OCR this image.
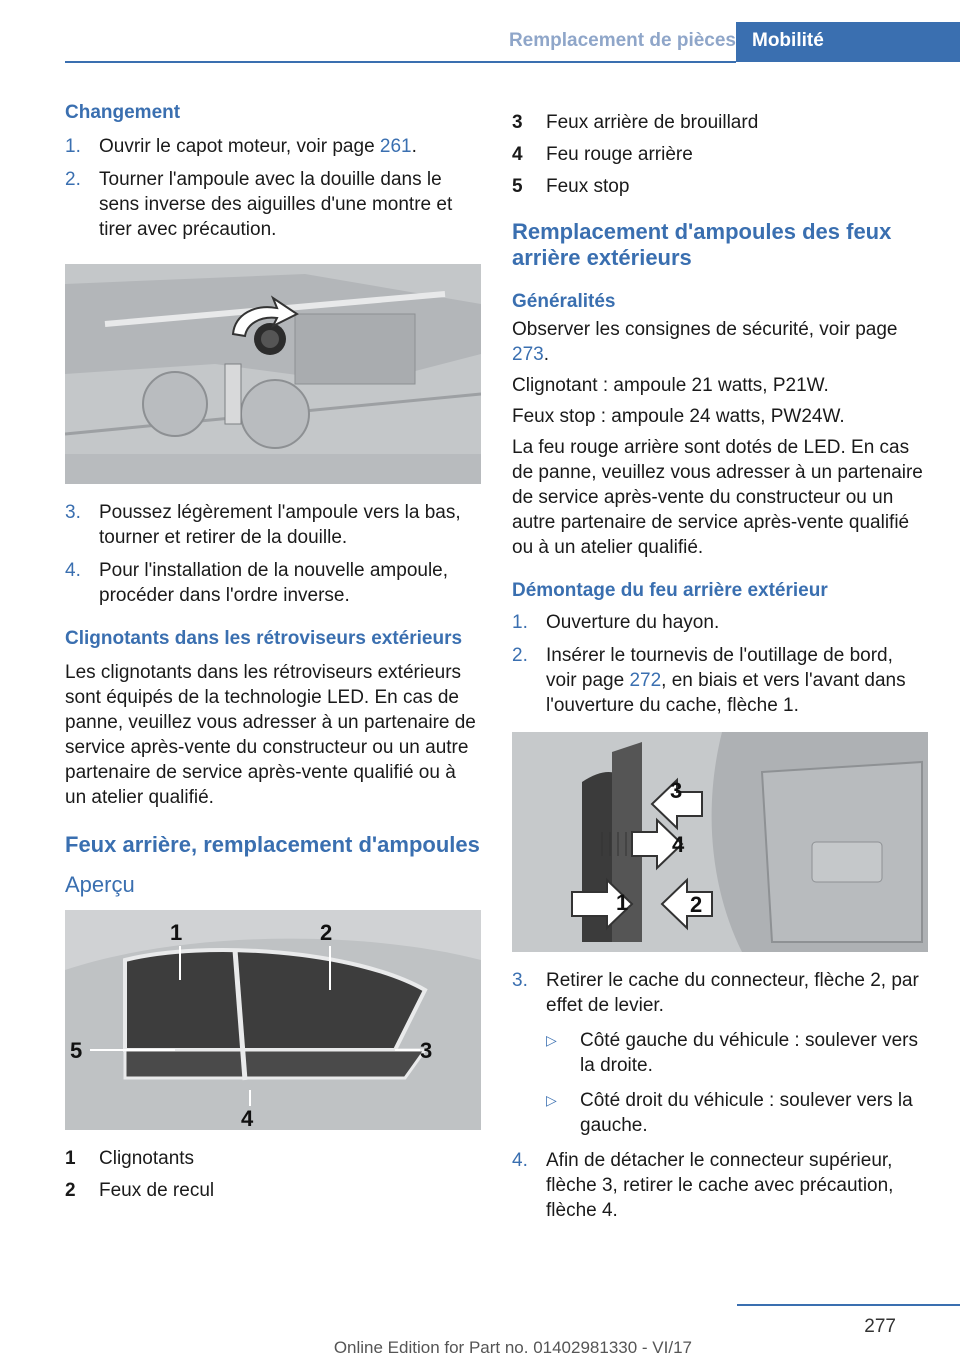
Remplacement de pièces Mobilité
Changement
1. Ouvrir le capot moteur, voir page 261.
2. Tourner l'ampoule avec la douille dans le sens inverse des aiguilles d'une montre et tirer avec précaution.
3. Poussez légèrement l'ampoule vers la bas, tourner et retirer de la douille.
4. Pour l'installation de la nouvelle ampoule, procéder dans l'ordre inverse.
Clignotants dans les rétroviseurs extérieurs

Les clignotants dans les rétroviseurs extérieurs sont équipés de la technologie LED. En cas de panne, veuillez vous adresser à un partenaire de service après-vente du constructeur ou un autre partenaire de service après-vente qualifié ou à un atelier qualifié.

Feux arrière, remplacement d'ampoules
Aperçu
1	2
3
4
5
1 Clignotants
2 Feux de recul
3 Feux arrière de brouillard
4 Feu rouge arrière
5 Feux stop
Remplacement d'ampoules des feux arrière extérieurs
Généralités

Observer les consignes de sécurité, voir page 273.

Clignotant : ampoule 21 watts, P21W.

Feux stop : ampoule 24 watts, PW24W.

La feu rouge arrière sont dotés de LED. En cas de panne, veuillez vous adresser à un partenaire de service après-vente du constructeur ou un autre partenaire de service après-vente qualifié ou à un atelier qualifié.

Démontage du feu arrière extérieur
1. Ouverture du hayon.
2. Insérer le tournevis de l'outillage de bord, voir page 272, en biais et vers l'avant dans l'ouverture du cache, flèche 1.
3
4
1	2
3. Retirer le cache du connecteur, flèche 2, par effet de levier.
▷ Côté gauche du véhicule : soulever vers la droite.
▷ Côté droit du véhicule : soulever vers la gauche.
4. Afin de détacher le connecteur supérieur, flèche 3, retirer le cache avec précaution, flèche 4.
277
Online Edition for Part no. 01402981330 - VI/17
